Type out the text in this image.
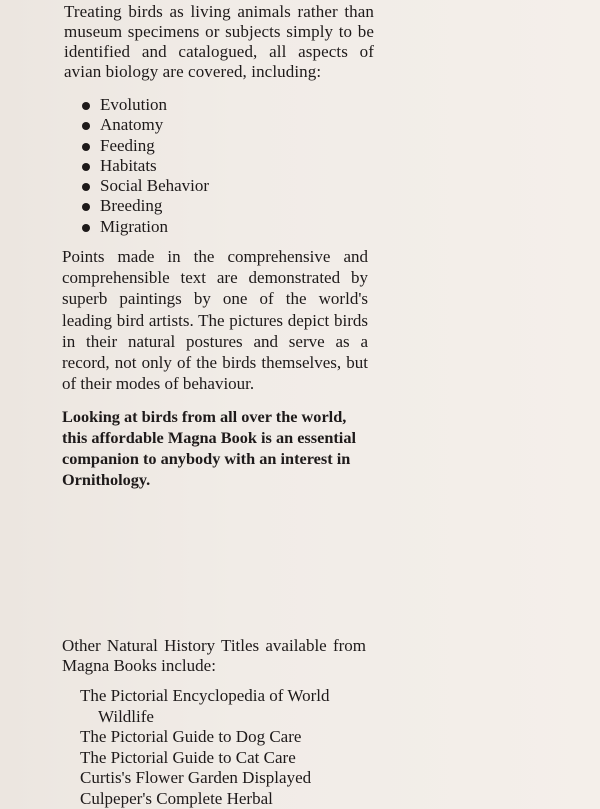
Treating birds as living animals rather than museum specimens or subjects simply to be identified and catalogued, all aspects of avian biology are covered, including:
Evolution
Anatomy
Feeding
Habitats
Social Behavior
Breeding
Migration
Points made in the comprehensive and comprehensible text are demonstrated by superb paintings by one of the world's leading bird artists. The pictures depict birds in their natural postures and serve as a record, not only of the birds themselves, but of their modes of behaviour.
Looking at birds from all over the world, this affordable Magna Book is an essential companion to anybody with an interest in Ornithology.
Other Natural History Titles available from Magna Books include:
The Pictorial Encyclopedia of World Wildlife
The Pictorial Guide to Dog Care
The Pictorial Guide to Cat Care
Curtis's Flower Garden Displayed
Culpeper's Complete Herbal
